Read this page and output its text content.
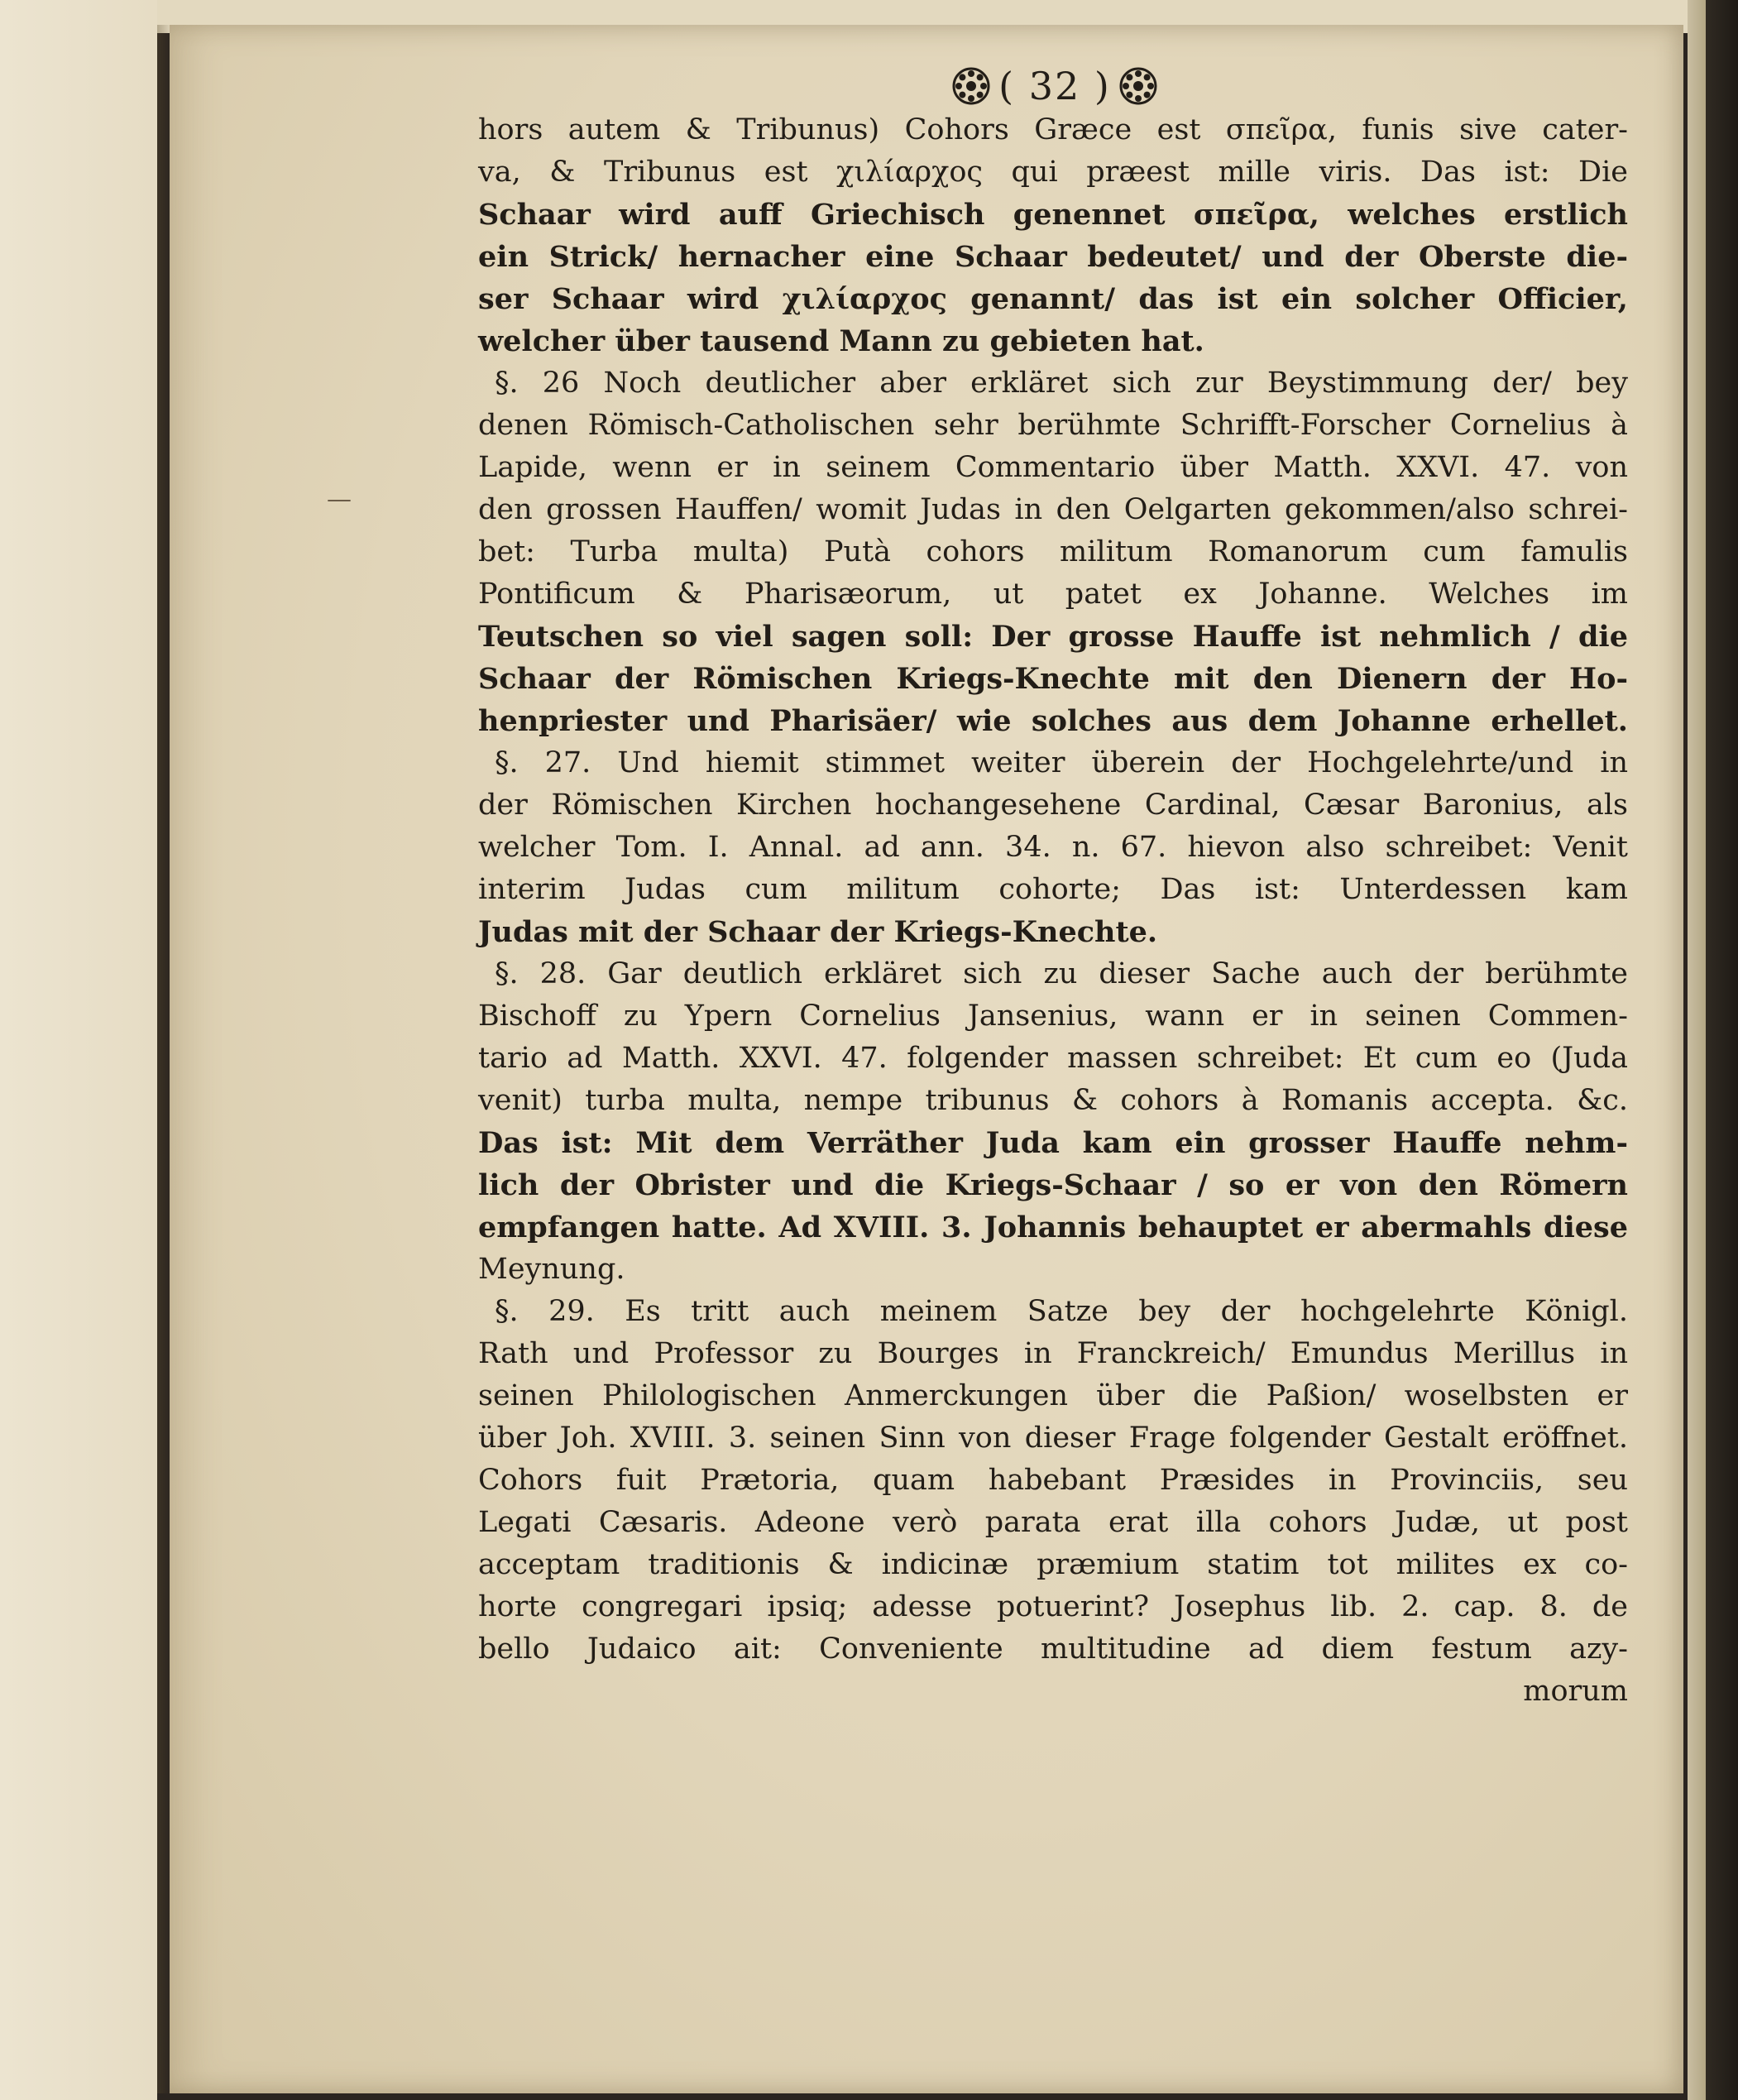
—
( 32 )
hors autem & Tribunus) Cohors Græce est σπεῖρα, funis sive cater-
va, & Tribunus est χιλίαρχος qui præest mille viris. Das ist: Die
Schaar wird auff Griechisch genennet σπεῖρα, welches erstlich
ein Strick/ hernacher eine Schaar bedeutet/ und der Oberste die-
ser Schaar wird χιλίαρχος genannt/ das ist ein solcher Officier,
welcher über tausend Mann zu gebieten hat.
§. 26 Noch deutlicher aber erkläret sich zur Beystimmung der/ bey
denen Römisch-Catholischen sehr berühmte Schrifft-Forscher Cornelius à
Lapide, wenn er in seinem Commentario über Matth. XXVI. 47. von
den grossen Hauffen/ womit Judas in den Oelgarten gekommen/also schrei-
bet: Turba multa) Putà cohors militum Romanorum cum famulis
Pontificum & Pharisæorum, ut patet ex Johanne. Welches im
Teutschen so viel sagen soll: Der grosse Hauffe ist nehmlich / die
Schaar der Römischen Kriegs-Knechte mit den Dienern der Ho-
henpriester und Pharisäer/ wie solches aus dem Johanne erhellet.
§. 27. Und hiemit stimmet weiter überein der Hochgelehrte/und in
der Römischen Kirchen hochangesehene Cardinal, Cæsar Baronius, als
welcher Tom. I. Annal. ad ann. 34. n. 67. hievon also schreibet: Venit
interim Judas cum militum cohorte; Das ist: Unterdessen kam
Judas mit der Schaar der Kriegs-Knechte.
§. 28. Gar deutlich erkläret sich zu dieser Sache auch der berühmte
Bischoff zu Ypern Cornelius Jansenius, wann er in seinen Commen-
tario ad Matth. XXVI. 47. folgender massen schreibet: Et cum eo (Juda
venit) turba multa, nempe tribunus & cohors à Romanis accepta. &c.
Das ist: Mit dem Verräther Juda kam ein grosser Hauffe nehm-
lich der Obrister und die Kriegs-Schaar / so er von den Römern
empfangen hatte. Ad XVIII. 3. Johannis behauptet er abermahls diese
Meynung.
§. 29. Es tritt auch meinem Satze bey der hochgelehrte Königl.
Rath und Professor zu Bourges in Franckreich/ Emundus Merillus in
seinen Philologischen Anmerckungen über die Paßion/ woselbsten er
über Joh. XVIII. 3. seinen Sinn von dieser Frage folgender Gestalt eröffnet.
Cohors fuit Prætoria, quam habebant Præsides in Provinciis, seu
Legati Cæsaris. Adeone verò parata erat illa cohors Judæ, ut post
acceptam traditionis & indicinæ præmium statim tot milites ex co-
horte congregari ipsiq; adesse potuerint? Josephus lib. 2. cap. 8. de
bello Judaico ait: Conveniente multitudine ad diem festum azy-
morum
